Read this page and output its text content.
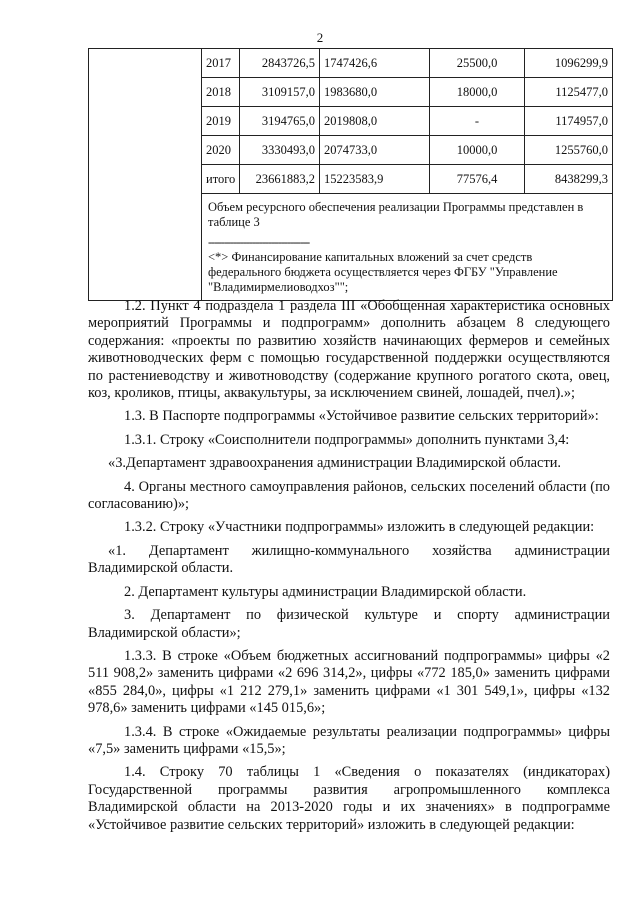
2
	2017	2843726,5	1747426,6	25500,0	1096299,9
	2018	3109157,0	1983680,0	18000,0	1125477,0
	2019	3194765,0	2019808,0	-	1174957,0
	2020	3330493,0	2074733,0	10000,0	1255760,0
	итого	23661883,2	15223583,9	77576,4	8438299,3

	Объем ресурсного обеспечения реализации Программы представлен в таблице 3

--------------------------------

<*> Финансирование капитальных вложений за счет средств федерального бюджета осуществляется через ФГБУ "Управление "Владимирмелиоводхоз"";				

1.2. Пункт 4 подраздела 1 раздела III «Обобщенная характеристика основных мероприятий Программы и подпрограмм» дополнить абзацем 8 следующего содержания: «проекты по развитию хозяйств начинающих фермеров и семейных животноводческих ферм с помощью государственной поддержки осуществляются по растениеводству и животноводству (содержание крупного рогатого скота, овец, коз, кроликов, птицы, аквакультуры, за исключением свиней, лошадей, пчел).»;

1.3. В Паспорте подпрограммы «Устойчивое развитие сельских территорий»:

1.3.1. Строку «Соисполнители подпрограммы» дополнить пунктами 3,4:

«3.Департамент здравоохранения администрации Владимирской области.

4. Органы местного самоуправления районов, сельских поселений области (по согласованию)»;

1.3.2. Строку «Участники подпрограммы» изложить в следующей редакции:

«1. Департамент жилищно-коммунального хозяйства администрации Владимирской области.

2. Департамент культуры администрации Владимирской области.

3. Департамент по физической культуре и спорту администрации Владимирской области»;

1.3.3. В строке «Объем бюджетных ассигнований подпрограммы» цифры «2 511 908,2» заменить цифрами «2 696 314,2», цифры «772 185,0» заменить цифрами «855 284,0», цифры «1 212 279,1» заменить цифрами «1 301 549,1», цифры «132 978,6» заменить цифрами «145 015,6»;

1.3.4. В строке «Ожидаемые результаты реализации подпрограммы» цифры «7,5» заменить цифрами «15,5»;

1.4. Строку 70 таблицы 1 «Сведения о показателях (индикаторах) Государственной программы развития агропромышленного комплекса Владимирской области на 2013-2020 годы и их значениях» в подпрограмме «Устойчивое развитие сельских территорий» изложить в следующей редакции:
